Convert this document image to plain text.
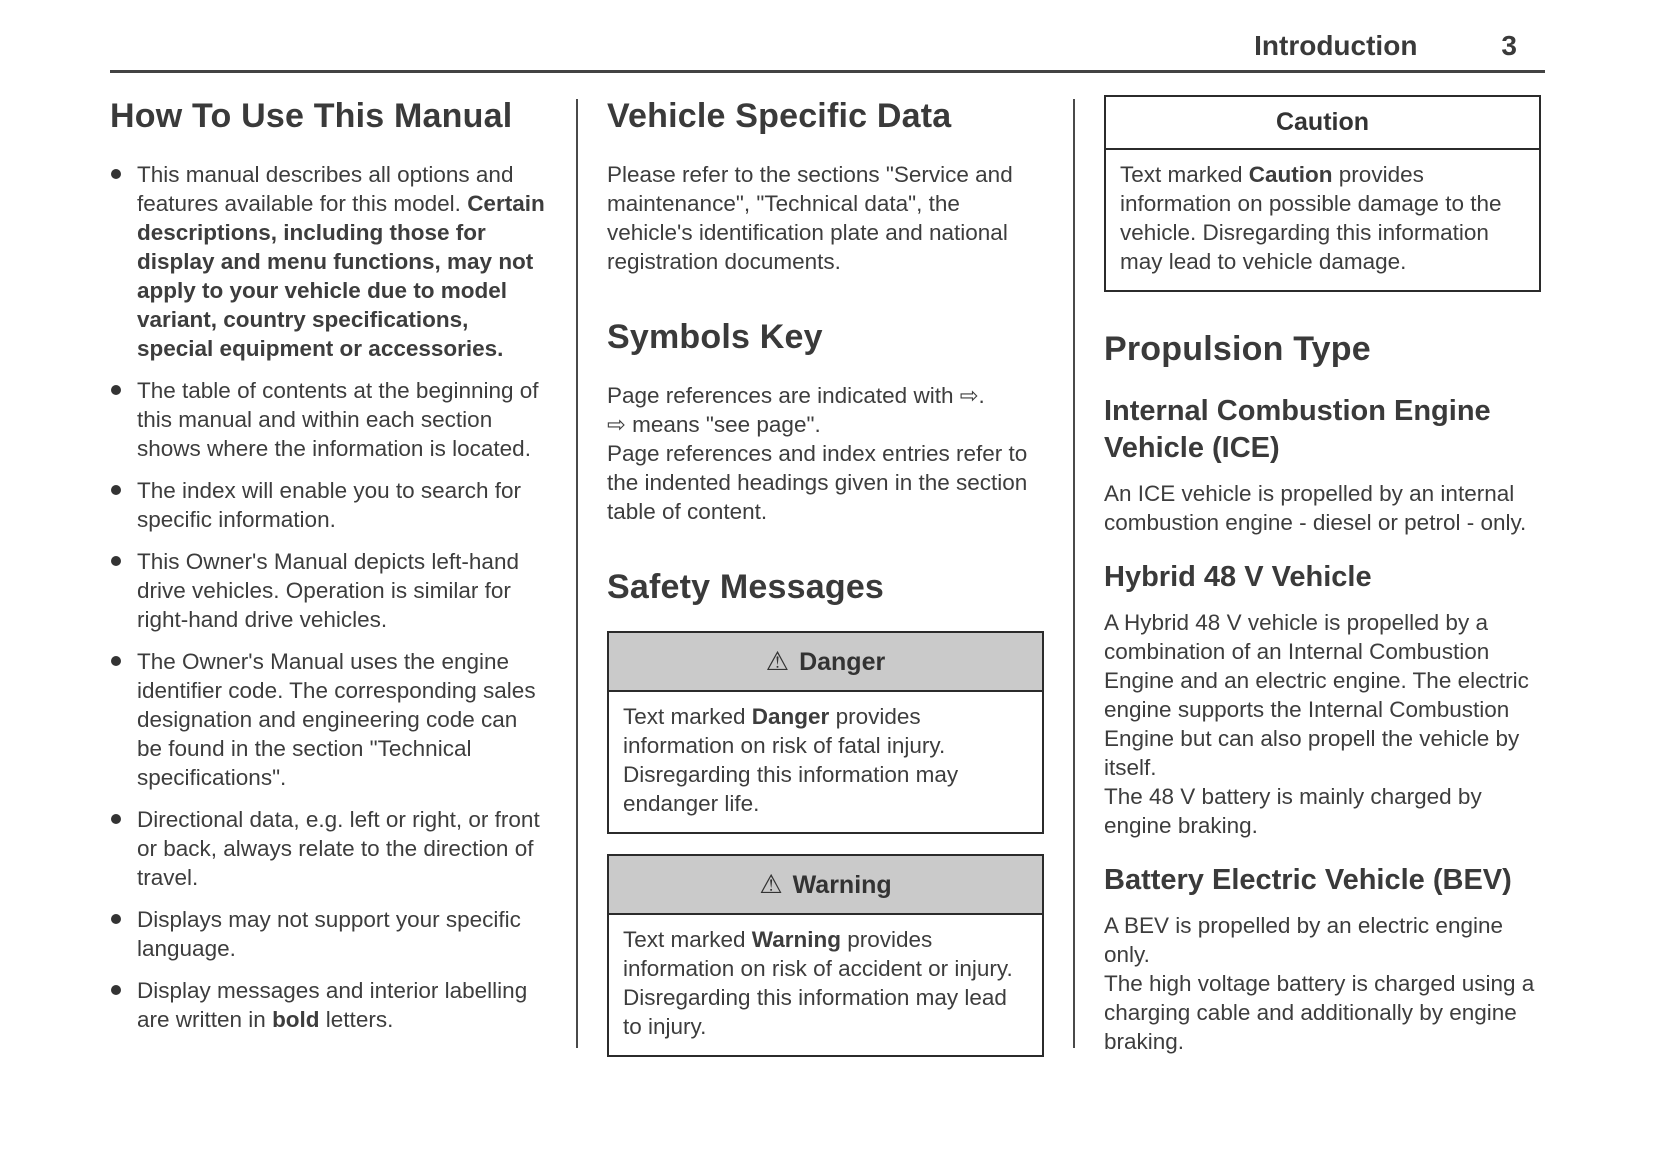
Introduction	3
How To Use This Manual
This manual describes all options and features available for this model. Certain descriptions, including those for display and menu functions, may not apply to your vehicle due to model variant, country specifications, special equipment or accessories.
The table of contents at the beginning of this manual and within each section shows where the information is located.
The index will enable you to search for specific information.
This Owner's Manual depicts left-hand drive vehicles. Operation is similar for right-hand drive vehicles.
The Owner's Manual uses the engine identifier code. The corresponding sales designation and engineering code can be found in the section "Technical specifications".
Directional data, e.g. left or right, or front or back, always relate to the direction of travel.
Displays may not support your specific language.
Display messages and interior labelling are written in bold letters.
Vehicle Specific Data

Please refer to the sections "Service and maintenance", "Technical data", the vehicle's identification plate and national registration documents.

Symbols Key

Page references are indicated with ⇨.
⇨ means "see page".
Page references and index entries refer to the indented headings given in the section table of content.

Safety Messages
⚠ Danger
Text marked Danger provides information on risk of fatal injury. Disregarding this information may endanger life.
⚠ Warning
Text marked Warning provides information on risk of accident or injury. Disregarding this information may lead to injury.
Caution
Text marked Caution provides information on possible damage to the vehicle. Disregarding this information may lead to vehicle damage.
Propulsion Type
Internal Combustion Engine Vehicle (ICE)

An ICE vehicle is propelled by an internal combustion engine - diesel or petrol - only.

Hybrid 48 V Vehicle

A Hybrid 48 V vehicle is propelled by a combination of an Internal Combustion Engine and an electric engine. The electric engine supports the Internal Combustion Engine but can also propell the vehicle by itself.
The 48 V battery is mainly charged by engine braking.

Battery Electric Vehicle (BEV)

A BEV is propelled by an electric engine only.
The high voltage battery is charged using a charging cable and additionally by engine braking.
